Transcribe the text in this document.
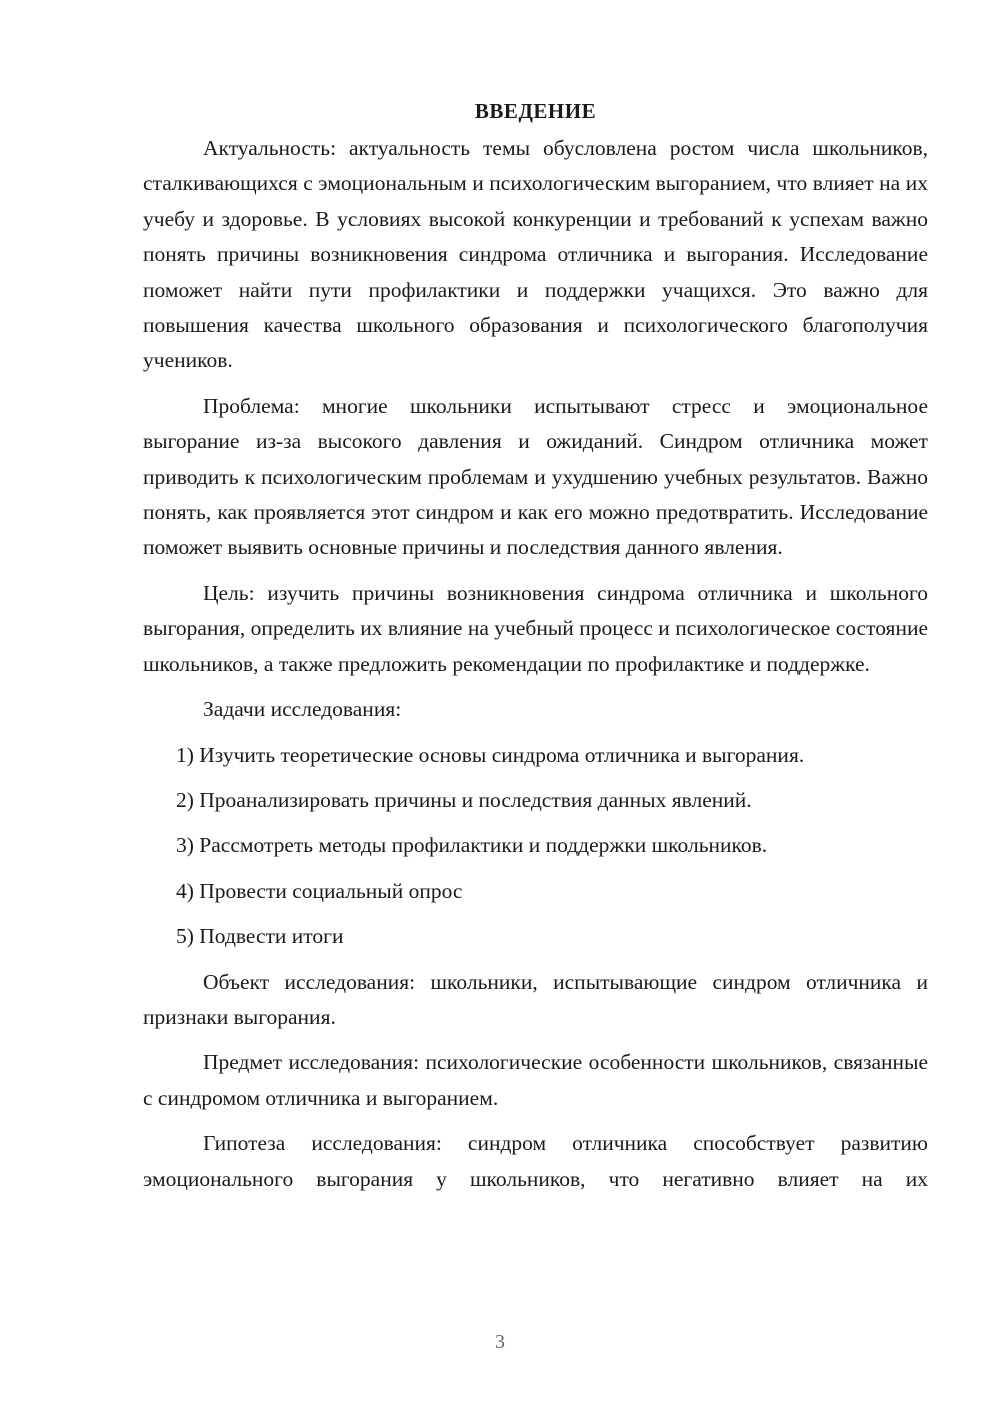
ВВЕДЕНИЕ

Актуальность: актуальность темы обусловлена ростом числа школьников, сталкивающихся с эмоциональным и психологическим выгоранием, что влияет на их учебу и здоровье. В условиях высокой конкуренции и требований к успехам важно понять причины возникновения синдрома отличника и выгорания. Исследование поможет найти пути профилактики и поддержки учащихся. Это важно для повышения качества школьного образования и психологического благополучия учеников.

Проблема: многие школьники испытывают стресс и эмоциональное выгорание из-за высокого давления и ожиданий. Синдром отличника может приводить к психологическим проблемам и ухудшению учебных результатов. Важно понять, как проявляется этот синдром и как его можно предотвратить. Исследование поможет выявить основные причины и последствия данного явления.

Цель: изучить причины возникновения синдрома отличника и школьного выгорания, определить их влияние на учебный процесс и психологическое состояние школьников, а также предложить рекомендации по профилактике и поддержке.

Задачи исследования:

1) Изучить теоретические основы синдрома отличника и выгорания.

2) Проанализировать причины и последствия данных явлений.

3) Рассмотреть методы профилактики и поддержки школьников.

4) Провести социальный опрос

5) Подвести итоги

Объект исследования: школьники, испытывающие синдром отличника и признаки выгорания.

Предмет исследования: психологические особенности школьников, связанные с синдромом отличника и выгоранием.

Гипотеза исследования: синдром отличника способствует развитию эмоционального выгорания у школьников, что негативно влияет на их

3
